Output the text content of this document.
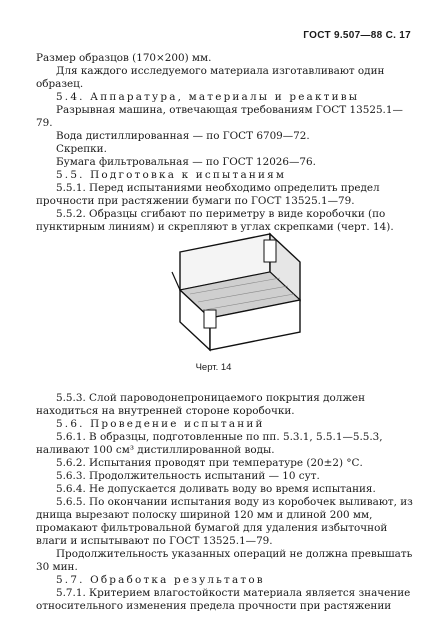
ГОСТ 9.507—88 С. 17

Размер образцов (170×200) мм.

Для каждого исследуемого материала изготавливают один образец.

5.4. Аппаратура, материалы и реактивы

Разрывная машина, отвечающая требованиям ГОСТ 13525.1—79.

Вода дистиллированная — по ГОСТ 6709—72.

Скрепки.

Бумага фильтровальная — по ГОСТ 12026—76.

5.5. Подготовка к испытаниям

5.5.1. Перед испытаниями необходимо определить предел прочности при растяжении бумаги по ГОСТ 13525.1—79.

5.5.2. Образцы сгибают по периметру в виде коробочки (по пунктирным линиям) и скрепляют в углах скрепками (черт. 14).

Черт. 14

5.5.3. Слой пароводонепроницаемого покрытия должен находиться на внутренней стороне коробочки.

5.6. Проведение испытаний

5.6.1. В образцы, подготовленные по пп. 5.3.1, 5.5.1—5.5.3, наливают 100 см³ дистиллированной воды.

5.6.2. Испытания проводят при температуре (20±2) °С.

5.6.3. Продолжительность испытаний — 10 сут.

5.6.4. Не допускается доливать воду во время испытания.

5.6.5. По окончании испытания воду из коробочек выливают, из днища вырезают полоску шириной 120 мм и длиной 200 мм, промакают фильтровальной бумагой для удаления избыточной влаги и испытывают по ГОСТ 13525.1—79.

Продолжительность указанных операций не должна превышать 30 мин.

5.7. Обработка результатов

5.7.1. Критерием влагостойкости материала является значение относительного изменения предела прочности при растяжении
